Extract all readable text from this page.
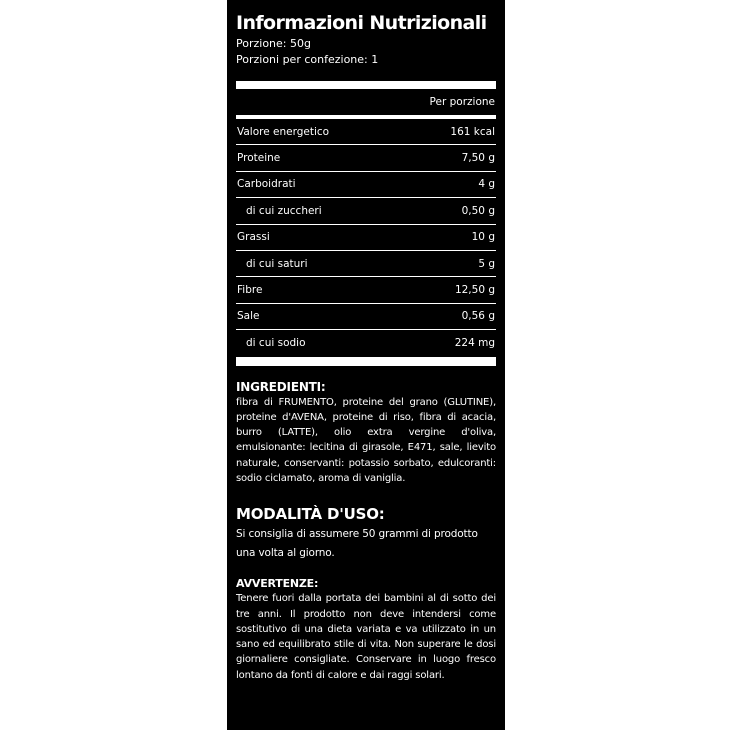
Informazioni Nutrizionali
Porzione: 50g
Porzioni per confezione: 1
Per porzione
Valore energetico	161 kcal
Proteine	7,50 g
Carboidrati	4 g
di cui zuccheri	0,50 g
Grassi	10 g
di cui saturi	5 g
Fibre	12,50 g
Sale	0,56 g
di cui sodio	224 mg
INGREDIENTI:
fibra di FRUMENTO, proteine del grano (GLUTINE), proteine d'AVENA, proteine di riso, fibra di acacia, burro (LATTE), olio extra vergine d'oliva, emulsionante: lecitina di girasole, E471, sale, lievito naturale, conservanti: potassio sorbato, edulcoranti: sodio ciclamato, aroma di vaniglia.
MODALITÀ D'USO:
Si consiglia di assumere 50 grammi di prodotto una volta al giorno.
AVVERTENZE:
Tenere fuori dalla portata dei bambini al di sotto dei tre anni. Il prodotto non deve intendersi come sostitutivo di una dieta variata e va utilizzato in un sano ed equilibrato stile di vita. Non superare le dosi giornaliere consigliate. Conservare in luogo fresco lontano da fonti di calore e dai raggi solari.
